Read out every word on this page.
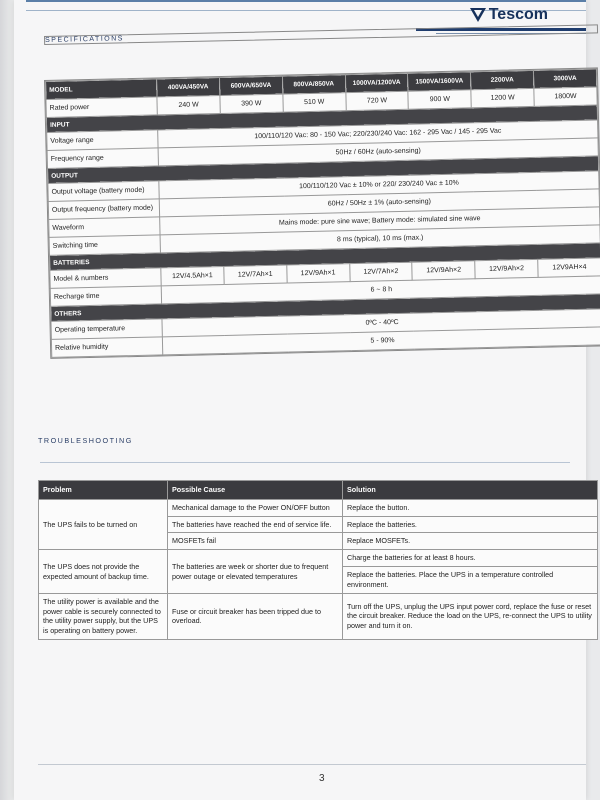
Tescom
SPECIFICATIONS
MODEL	400VA/450VA	600VA/650VA	800VA/850VA	1000VA/1200VA	1500VA/1600VA	2200VA	3000VA
Rated power	240 W	390 W	510 W	720 W	900 W	1200 W	1800W
INPUT							
Voltage range	100/110/120 Vac: 80 - 150 Vac; 220/230/240 Vac: 162 - 295 Vac / 145 - 295 Vac						
Frequency range	50Hz / 60Hz (auto-sensing)						
OUTPUT							
Output voltage (battery mode)	100/110/120 Vac ± 10% or 220/ 230/240 Vac ± 10%						
Output frequency (battery mode)	60Hz / 50Hz ± 1% (auto-sensing)						
Waveform	Mains mode: pure sine wave; Battery mode: simulated sine wave						
Switching time	8 ms (typical), 10 ms (max.)						
BATTERIES							
Model & numbers	12V/4.5Ah×1	12V/7Ah×1	12V/9Ah×1	12V/7Ah×2	12V/9Ah×2	12V/9Ah×2	12V9AH×4
Recharge time	6 ~ 8 h						
OTHERS							
Operating temperature	0ºC - 40ºC						
Relative humidity	5 - 90%						
TROUBLESHOOTING
Problem	Possible Cause	Solution
The UPS fails to be turned on	Mechanical damage to the Power ON/OFF button	Replace the button.
	The batteries have reached the end of service life.	Replace the batteries.
	MOSFETs fail	Replace MOSFETs.
The UPS does not provide the expected amount of backup time.	The batteries are week or shorter due to frequent power outage or elevated temperatures	Charge the batteries for at least 8 hours.
		Replace the batteries. Place the UPS in a temperature controlled environment.
The utility power is available and the power cable is securely connected to the utility power supply, but the UPS is operating on battery power.	Fuse or circuit breaker has been tripped due to overload.	Turn off the UPS, unplug the UPS input power cord, replace the fuse or reset the circuit breaker. Reduce the load on the UPS, re-connect the UPS to utility power and turn it on.
3
